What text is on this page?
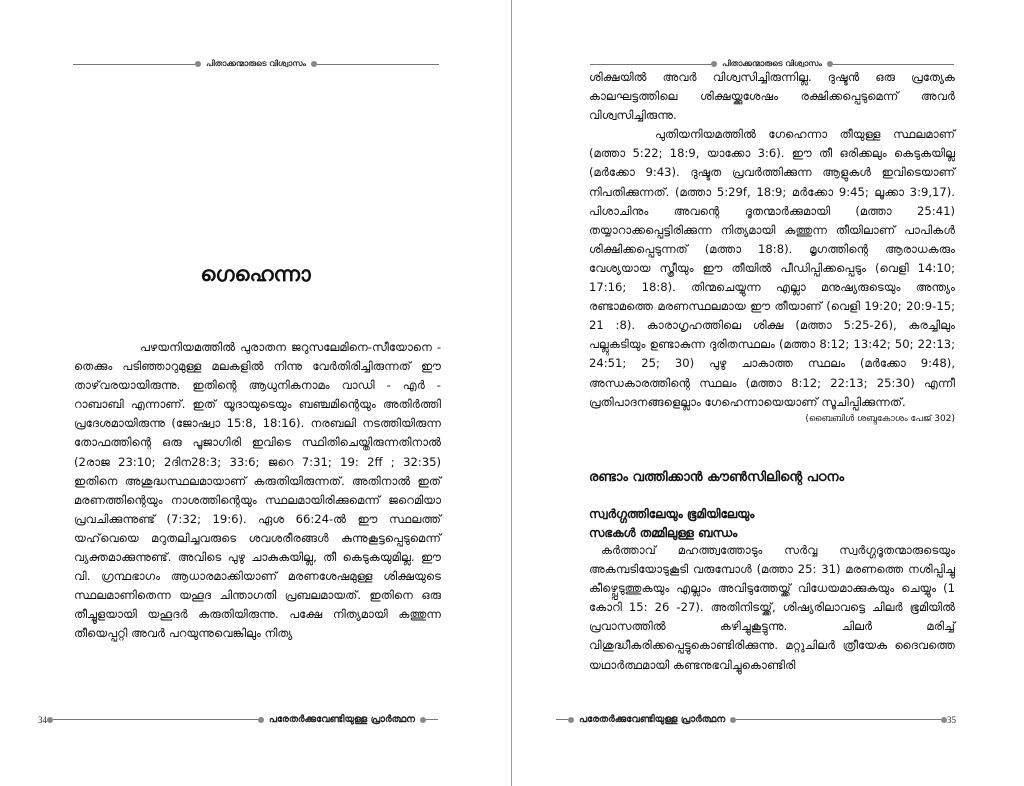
പിതാക്കന്മാരുടെ വിശ്വാസം
ഗെഹെന്നാ

പഴയനിയമത്തിൽ പുരാതന ജറുസലേമിനെ-സീയോനെ - തെക്കും പടിഞ്ഞാറുമുള്ള മലകളിൽ നിന്നു വേർതിരിച്ചിരുന്നത് ഈ താഴ്‌വരയായിരുന്നു. ഇതിന്റെ ആധുനികനാമം വാഡി - എർ - റാബാബി എന്നാണ്. ഇത് യൂദായുടെയും ബഞ്ചമിന്റെയും അതിർത്തി പ്രദേശമായിരുന്നു (ജോഷ്വാ 15:8, 18:16). നരബലി നടത്തിയിരുന്ന തോഫത്തിന്റെ ഒരു പൂജാഗിരി ഇവിടെ സ്ഥിതിചെയ്തിരുന്നതിനാൽ (2രാജ 23:10; 2ദിന28:3; 33:6; ജറെ 7:31; 19: 2ff ; 32:35) ഇതിനെ അശുദ്ധസ്ഥലമായാണ് കരുതിയിരുന്നത്. അതിനാൽ ഇത് മരണത്തിന്റെയും നാശത്തിന്റെയും സ്ഥലമായിരിക്കുമെന്ന് ജറെമിയാ പ്രവചിക്കുന്നുണ്ട് (7:32; 19:6). ഏശ 66:24-ൽ ഈ സ്ഥലത്ത് യഹ്‌വെയെ മറുതലിച്ചവരുടെ ശവശരീരങ്ങൾ കുന്നുകൂട്ടപ്പെടുമെന്ന് വ്യക്തമാക്കുന്നുണ്ട്. അവിടെ പുഴു ചാകുകയില്ല, തീ കെടുകയുമില്ല. ഈ വി. ഗ്രന്ഥഭാഗം ആധാരമാക്കിയാണ് മരണശേഷമുള്ള ശിക്ഷയുടെ സ്ഥലമാണിതെന്ന യഹൂദ ചിന്താഗതി പ്രബലമായത്. ഇതിനെ ഒരു തീച്ചൂളയായി യഹൂദർ കരുതിയിരുന്നു. പക്ഷേ നിത്യമായി കത്തുന്ന തീയെപ്പറ്റി അവർ പറയുന്നുവെങ്കിലും നിത്യ

34	പരേതർക്കുവേണ്ടിയുള്ള പ്രാർത്ഥന
പിതാക്കന്മാരുടെ വിശ്വാസം

ശിക്ഷയിൽ അവർ വിശ്വസിച്ചിരുന്നില്ല. ദുഷ്ടൻ ഒരു പ്രത്യേക കാലഘട്ടത്തിലെ ശിക്ഷയ്ക്കുശേഷം രക്ഷിക്കപ്പെടുമെന്ന് അവർ വിശ്വസിച്ചിരുന്നു.

പുതിയനിയമത്തിൽ ഗേഹെന്നാ തീയുള്ള സ്ഥലമാണ് (മത്താ 5:22; 18:9, യാക്കോ 3:6). ഈ തീ ഒരിക്കലും കെടുകയില്ല (മർക്കോ 9:43). ദുഷ്ടത പ്രവർത്തിക്കുന്ന ആളുകൾ ഇവിടെയാണ് നിപതിക്കുന്നത്. (മത്താ 5:29f, 18:9; മർക്കോ 9:45; ലൂക്കാ 3:9,17). പിശാചിനും അവന്റെ ദൂതന്മാർക്കുമായി (മത്താ 25:41) തയ്യാറാക്കപ്പെട്ടിരിക്കുന്ന നിത്യമായി കത്തുന്ന തീയിലാണ് പാപികൾ ശിക്ഷിക്കപ്പെടുന്നത് (മത്താ 18:8). മൃഗത്തിന്റെ ആരാധകരും വേശ്യയായ സ്ത്രീയും ഈ തീയിൽ പീഡിപ്പിക്കപ്പെടും (വെളി 14:10; 17:16; 18:8). തിന്മചെയ്യുന്ന എല്ലാ മനുഷ്യരുടെയും അന്ത്യം രണ്ടാമത്തെ മരണസ്ഥലമായ ഈ തീയാണ് (വെളി 19:20; 20:9-15; 21 :8). കാരാഗൃഹത്തിലെ ശിക്ഷ (മത്താ 5:25-26), കരച്ചിലും പല്ലുകടിയും ഉണ്ടാകുന്ന ദുരിതസ്ഥലം (മത്താ 8:12; 13:42; 50; 22:13; 24:51; 25; 30) പുഴു ചാകാത്ത സ്ഥലം (മർക്കോ 9:48), അന്ധകാരത്തിന്റെ സ്ഥലം (മത്താ 8:12; 22:13; 25:30) എന്നീ പ്രതിപാദനങ്ങളെല്ലാം ഗേഹെന്നായെയാണ് സൂചിപ്പിക്കുന്നത്.

(ബൈബിൾ ശബ്ദകോശം പേജ് 302)

രണ്ടാം വത്തിക്കാൻ കൗൺസിലിന്റെ പഠനം
സ്വർഗ്ഗത്തിലേയും ഭൂമിയിലേയും
സഭകൾ തമ്മിലുള്ള ബന്ധം

കർത്താവ് മഹത്ത്വത്തോടും സർവ്വ സ്വർഗ്ഗദൂതന്മാരുടെയും അകമ്പടിയോടുകൂടി വരുമ്പോൾ (മത്താ 25: 31) മരണത്തെ നശിപ്പിച്ചു കീഴ്പ്പെടുത്തുകയും എല്ലാം അവിടുത്തേയ്ക്ക് വിധേയമാക്കുകയും ചെയ്യും (1 കോറി 15: 26 -27). അതിനിടയ്ക്ക്, ശിഷ്യരിലാവട്ടെ ചിലർ ഭൂമിയിൽ പ്രവാസത്തിൽ കഴിച്ചുകൂട്ടുന്നു. ചിലർ മരിച്ച് വിശുദ്ധീകരിക്കപ്പെട്ടുകൊണ്ടിരിക്കുന്നു. മറ്റുചിലർ ത്രീയേക ദൈവത്തെ യഥാർത്ഥമായി കണ്ടനുഭവിച്ചുകൊണ്ടിരി

പരേതർക്കുവേണ്ടിയുള്ള പ്രാർത്ഥന	35
